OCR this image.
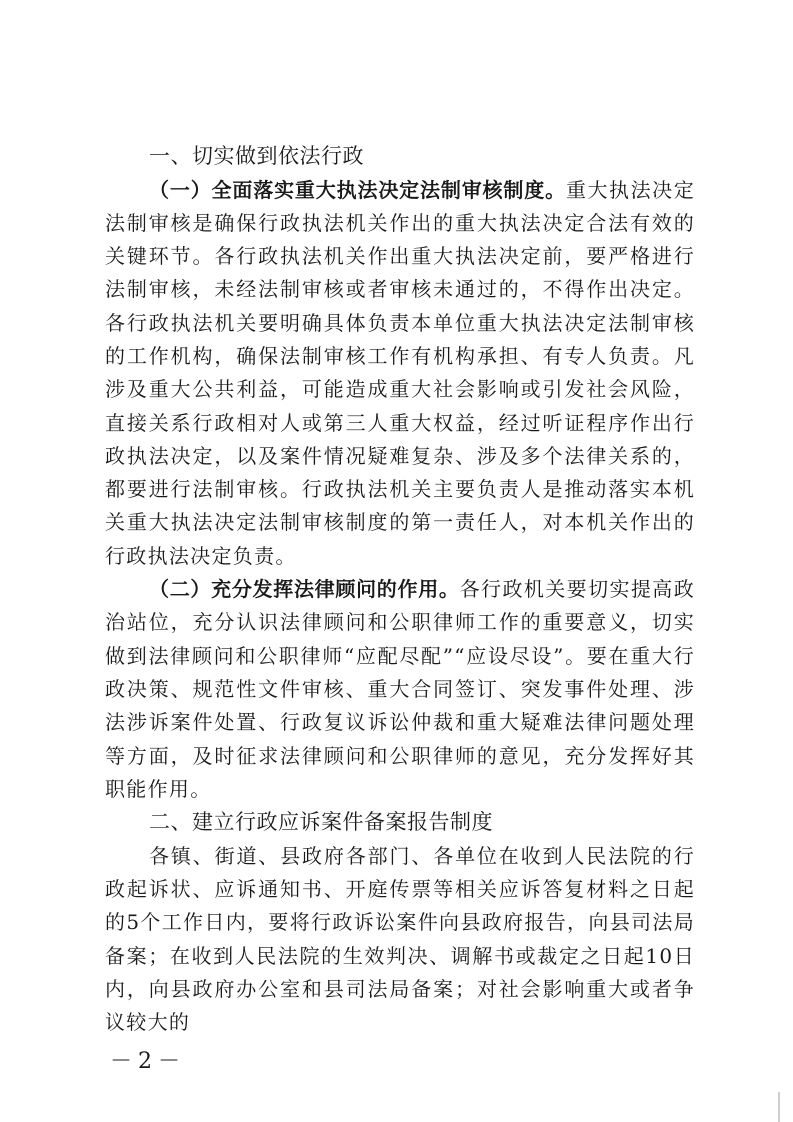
一、切实做到依法行政

（一）全面落实重大执法决定法制审核制度。重大执法决定法制审核是确保行政执法机关作出的重大执法决定合法有效的关键环节。各行政执法机关作出重大执法决定前，要严格进行法制审核，未经法制审核或者审核未通过的，不得作出决定。各行政执法机关要明确具体负责本单位重大执法决定法制审核的工作机构，确保法制审核工作有机构承担、有专人负责。凡涉及重大公共利益，可能造成重大社会影响或引发社会风险，直接关系行政相对人或第三人重大权益，经过听证程序作出行政执法决定，以及案件情况疑难复杂、涉及多个法律关系的，都要进行法制审核。行政执法机关主要负责人是推动落实本机关重大执法决定法制审核制度的第一责任人，对本机关作出的行政执法决定负责。

（二）充分发挥法律顾问的作用。各行政机关要切实提高政治站位，充分认识法律顾问和公职律师工作的重要意义，切实做到法律顾问和公职律师“应配尽配”“应设尽设”。要在重大行政决策、规范性文件审核、重大合同签订、突发事件处理、涉法涉诉案件处置、行政复议诉讼仲裁和重大疑难法律问题处理等方面，及时征求法律顾问和公职律师的意见，充分发挥好其职能作用。

二、建立行政应诉案件备案报告制度

各镇、街道、县政府各部门、各单位在收到人民法院的行政起诉状、应诉通知书、开庭传票等相关应诉答复材料之日起的5个工作日内，要将行政诉讼案件向县政府报告，向县司法局备案；在收到人民法院的生效判决、调解书或裁定之日起10日内，向县政府办公室和县司法局备案；对社会影响重大或者争议较大的

－2－
